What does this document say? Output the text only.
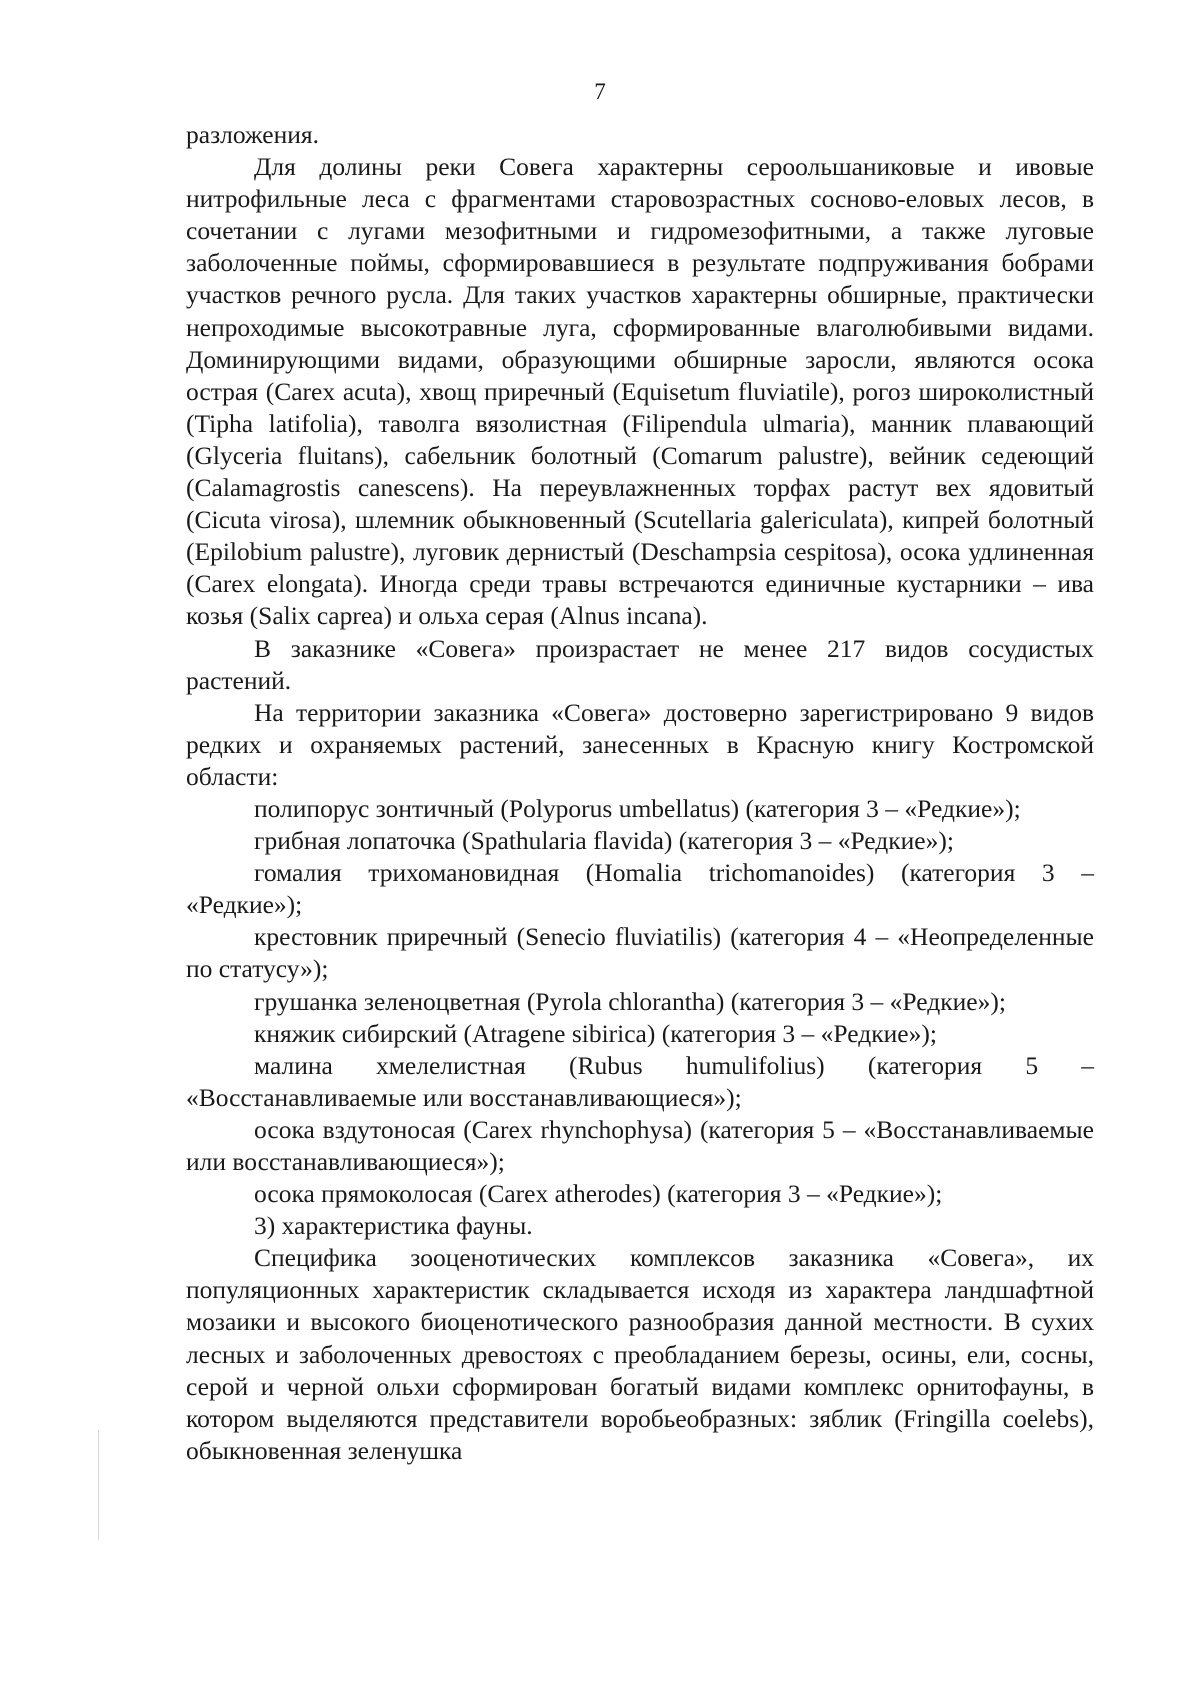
7

разложения.

Для долины реки Совега характерны сероольшаниковые и ивовые нитрофильные леса с фрагментами старовозрастных сосново-еловых лесов, в сочетании с лугами мезофитными и гидромезофитными, а также луговые заболоченные поймы, сформировавшиеся в результате подпруживания бобрами участков речного русла. Для таких участков характерны обширные, практически непроходимые высокотравные луга, сформированные влаголюбивыми видами. Доминирующими видами, образующими обширные заросли, являются осока острая (Carex acuta), хвощ приречный (Equisetum fluviatile), рогоз широколистный (Tipha latifolia), таволга вязолистная (Filipendula ulmaria), манник плавающий (Glyceria fluitans), сабельник болотный (Comarum palustre), вейник седеющий (Calamagrostis canescens). На переувлажненных торфах растут вех ядовитый (Cicuta virosa), шлемник обыкновенный (Scutellaria galericulata), кипрей болотный (Epilobium palustre), луговик дернистый (Deschampsia cespitosa), осока удлиненная (Carex elongata). Иногда среди травы встречаются единичные кустарники – ива козья (Salix caprea) и ольха серая (Alnus incana).

В заказнике «Совега» произрастает не менее 217 видов сосудистых растений.

На территории заказника «Совега» достоверно зарегистрировано 9 видов редких и охраняемых растений, занесенных в Красную книгу Костромской области:

полипорус зонтичный (Polyporus umbellatus) (категория 3 – «Редкие»);

грибная лопаточка (Spathularia flavida) (категория 3 – «Редкие»);

гомалия трихомановидная (Homalia trichomanoides) (категория 3 – «Редкие»);

крестовник приречный (Senecio fluviatilis) (категория 4 – «Неопределенные по статусу»);

грушанка зеленоцветная (Pyrola chlorantha) (категория 3 – «Редкие»);

княжик сибирский (Atragene sibirica) (категория 3 – «Редкие»);

малина хмелелистная (Rubus humulifolius) (категория 5 – «Восстанавливаемые или восстанавливающиеся»);

осока вздутоносая (Carex rhynchophysa) (категория 5 – «Восстанавливаемые или восстанавливающиеся»);

осока прямоколосая (Carex atherodes) (категория 3 – «Редкие»);

3) характеристика фауны.

Специфика зооценотических комплексов заказника «Совега», их популяционных характеристик складывается исходя из характера ландшафтной мозаики и высокого биоценотического разнообразия данной местности. В сухих лесных и заболоченных древостоях с преобладанием березы, осины, ели, сосны, серой и черной ольхи сформирован богатый видами комплекс орнитофауны, в котором выделяются представители воробьеобразных: зяблик (Fringilla coelebs), обыкновенная зеленушка
